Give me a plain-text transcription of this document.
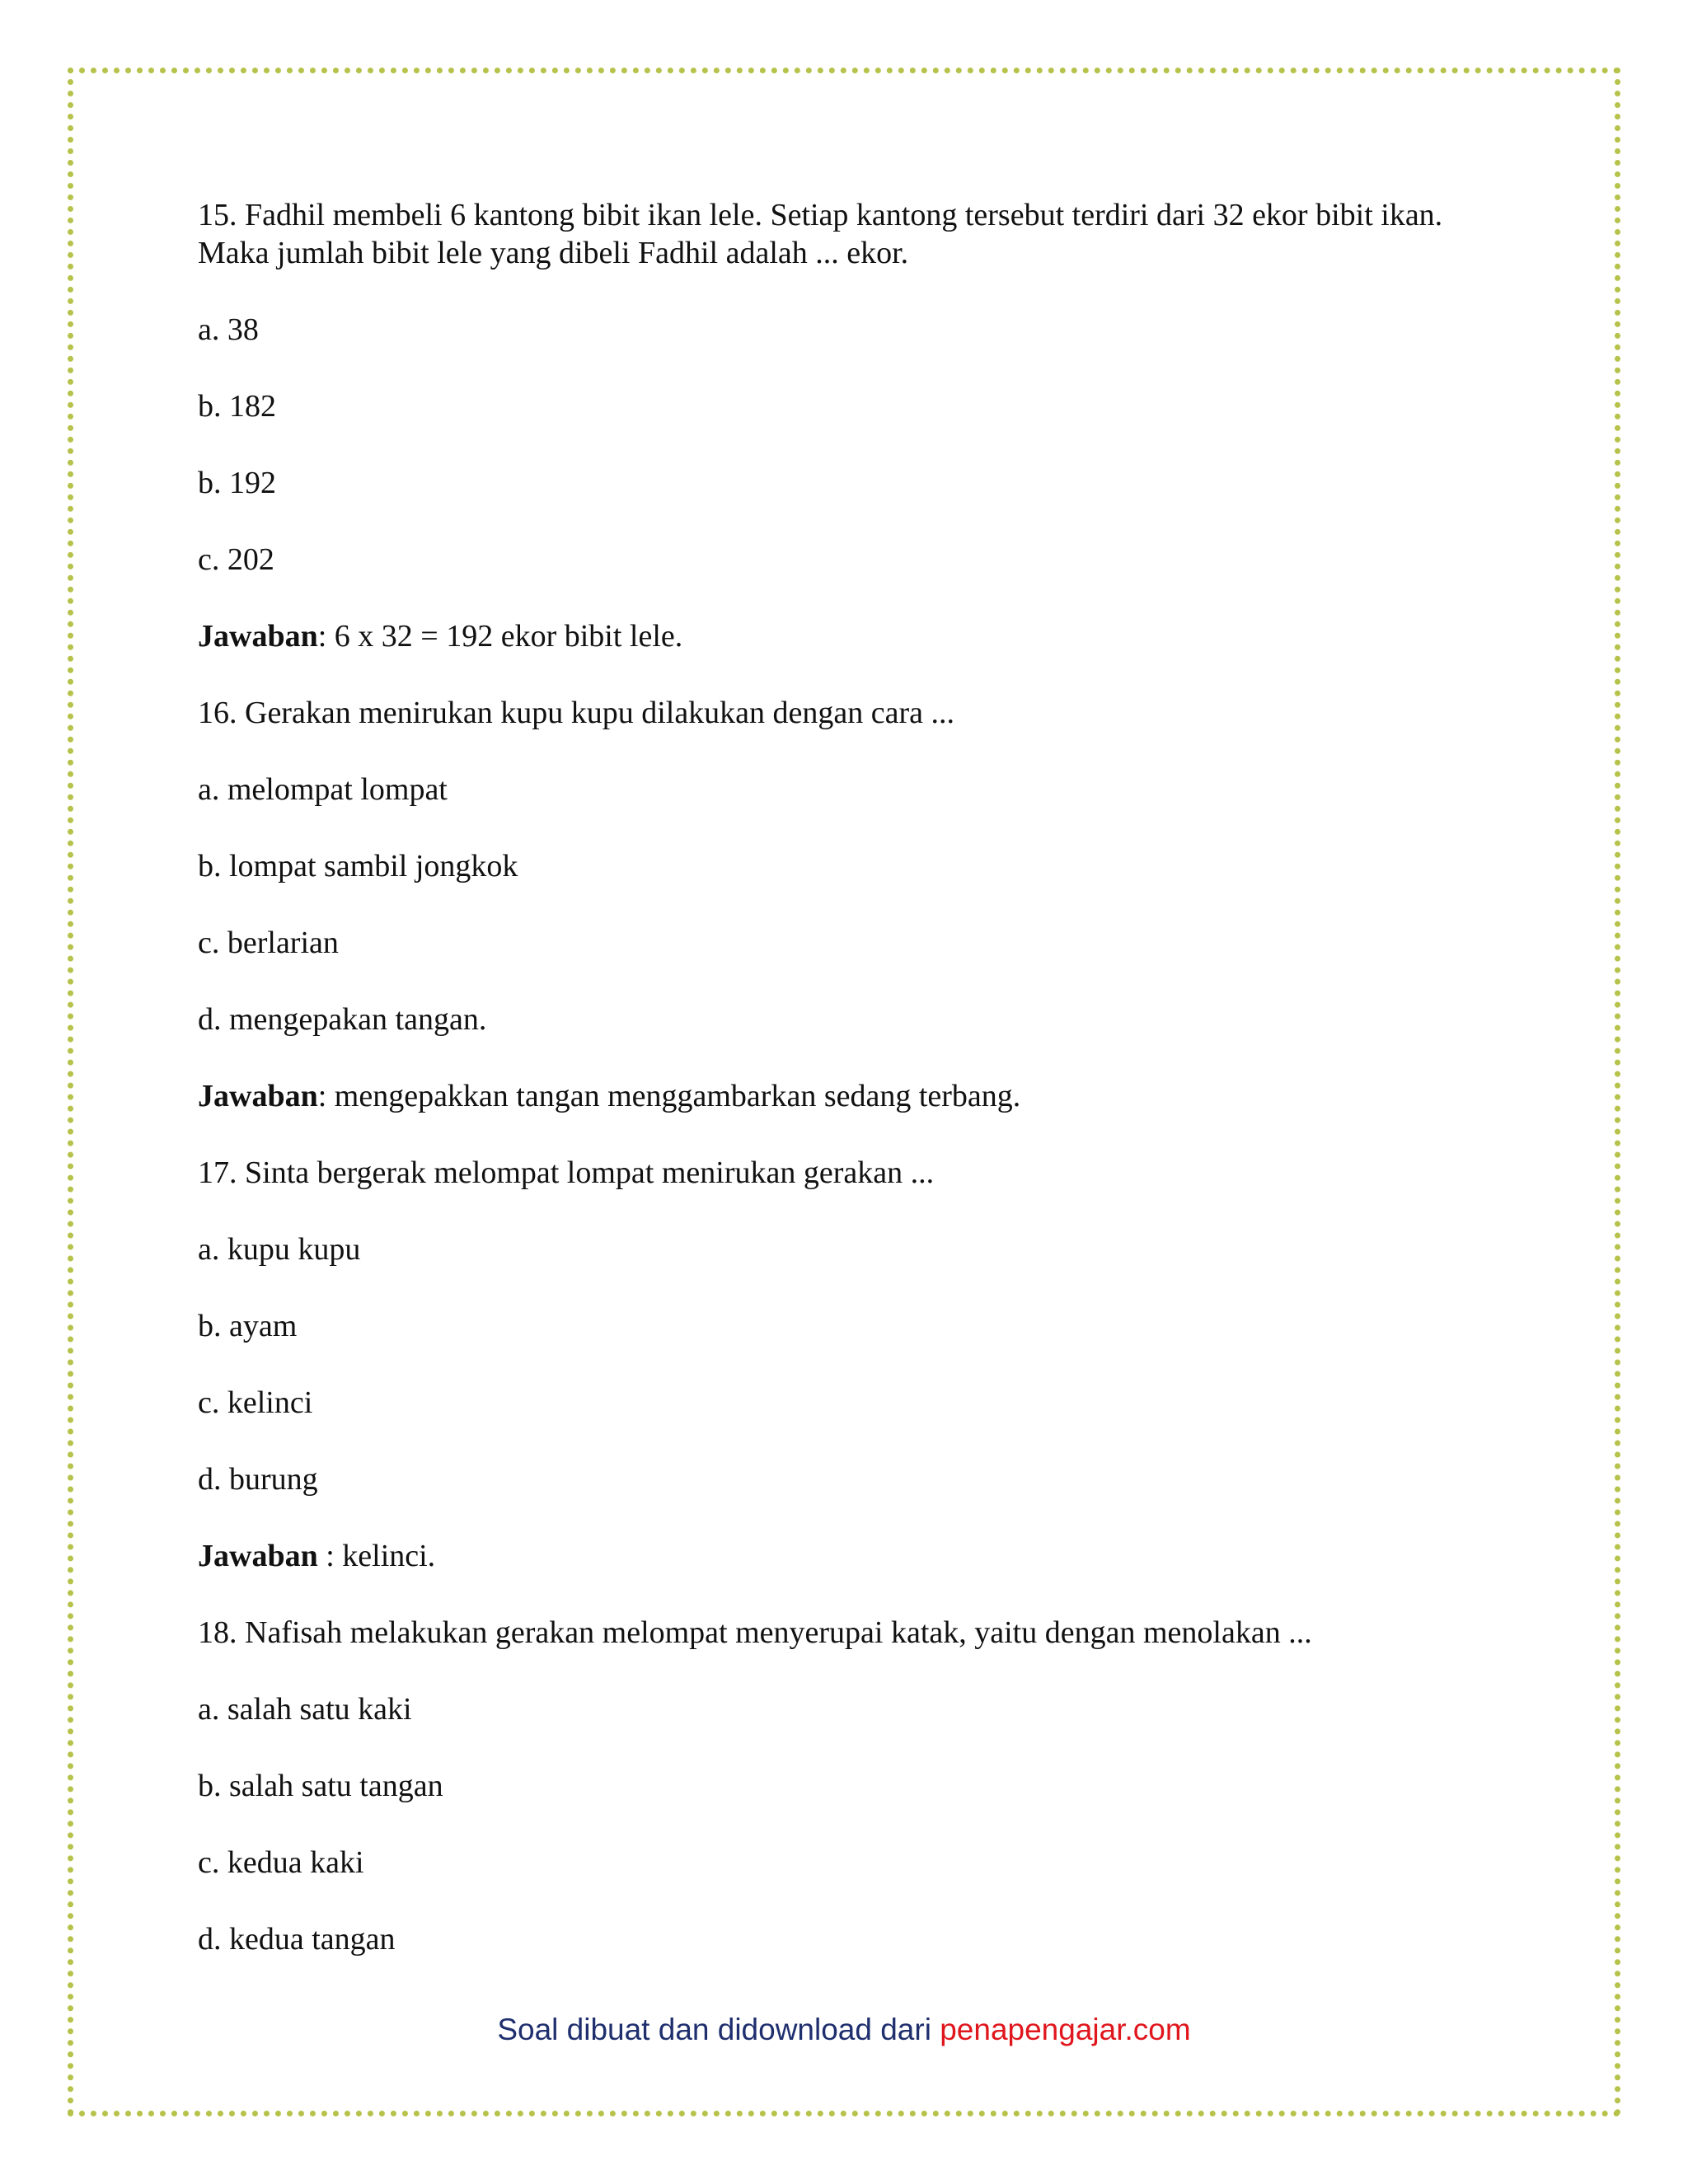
15. Fadhil membeli 6 kantong bibit ikan lele. Setiap kantong tersebut terdiri dari 32 ekor bibit ikan. Maka jumlah bibit lele yang dibeli Fadhil adalah ... ekor.
a. 38
b. 182
b. 192
c. 202
Jawaban: 6 x 32 = 192 ekor bibit lele.
16. Gerakan menirukan kupu kupu dilakukan dengan cara ...
a. melompat lompat
b. lompat sambil jongkok
c. berlarian
d. mengepakan tangan.
Jawaban: mengepakkan tangan menggambarkan sedang terbang.
17. Sinta bergerak melompat lompat menirukan gerakan ...
a. kupu kupu
b. ayam
c. kelinci
d. burung
Jawaban : kelinci.
18. Nafisah melakukan gerakan melompat menyerupai katak, yaitu dengan menolakan ...
a. salah satu kaki
b. salah satu tangan
c. kedua kaki
d. kedua tangan
Soal dibuat dan didownload dari penapengajar.com
